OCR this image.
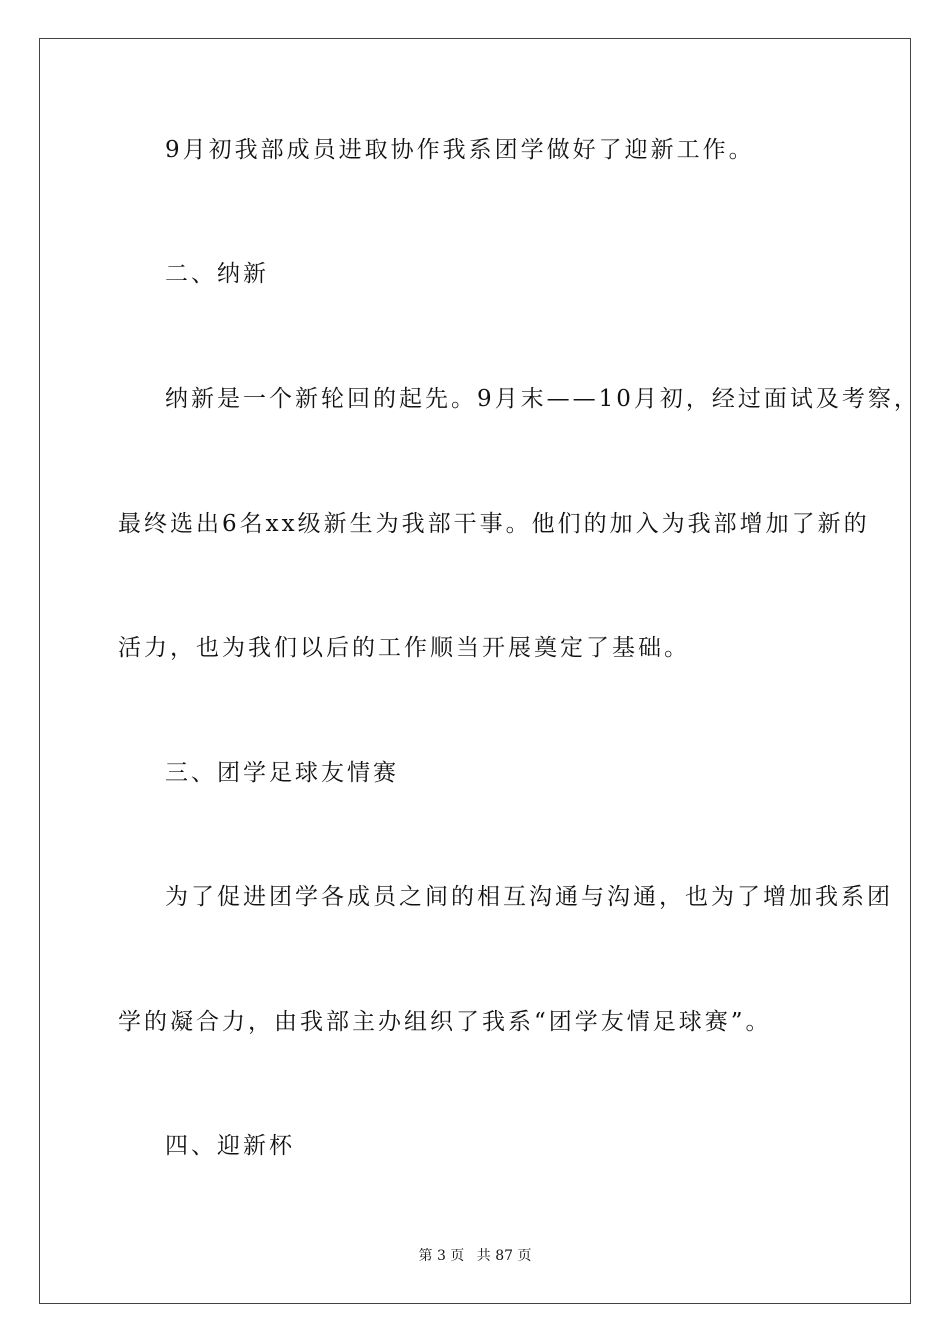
9月初我部成员进取协作我系团学做好了迎新工作。
二、纳新
纳新是一个新轮回的起先。9月末——10月初，经过面试及考察，
最终选出6名xx级新生为我部干事。他们的加入为我部增加了新的
活力，也为我们以后的工作顺当开展奠定了基础。
三、团学足球友情赛
为了促进团学各成员之间的相互沟通与沟通，也为了增加我系团
学的凝合力，由我部主办组织了我系“团学友情足球赛”。
四、迎新杯
第 3 页 共 87 页
